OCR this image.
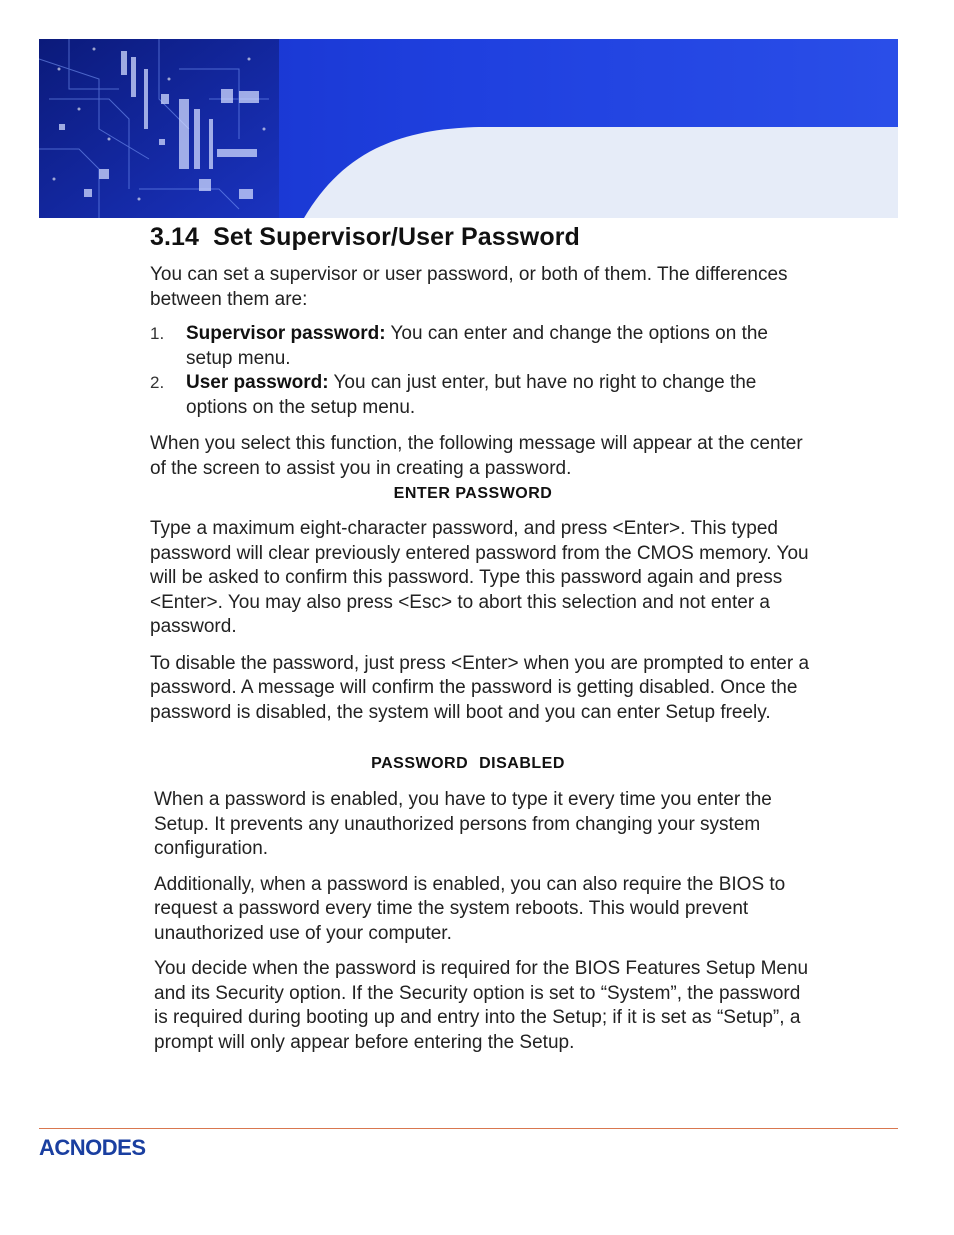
3.14 Set Supervisor/User Password

You can set a supervisor or user password, or both of them. The differences between them are:

1. Supervisor password: You can enter and change the options on the setup menu.
2. User password: You can just enter, but have no right to change the options on the setup menu.

When you select this function, the following message will appear at the center of the screen to assist you in creating a password.

ENTER PASSWORD

Type a maximum eight-character password, and press <Enter>. This typed password will clear previously entered password from the CMOS memory. You will be asked to confirm this password. Type this password again and press <Enter>. You may also press <Esc> to abort this selection and not enter a password.

To disable the password, just press <Enter> when you are prompted to enter a password. A message will confirm the password is getting disabled. Once the password is disabled, the system will boot and you can enter Setup freely.

PASSWORD DISABLED

When a password is enabled, you have to type it every time you enter the Setup. It prevents any unauthorized persons from changing your system configuration.

Additionally, when a password is enabled, you can also require the BIOS to request a password every time the system reboots. This would prevent unauthorized use of your computer.

You decide when the password is required for the BIOS Features Setup Menu and its Security option. If the Security option is set to “System”, the password is required during booting up and entry into the Setup; if it is set as “Setup”, a prompt will only appear before entering the Setup.

ACNODES
